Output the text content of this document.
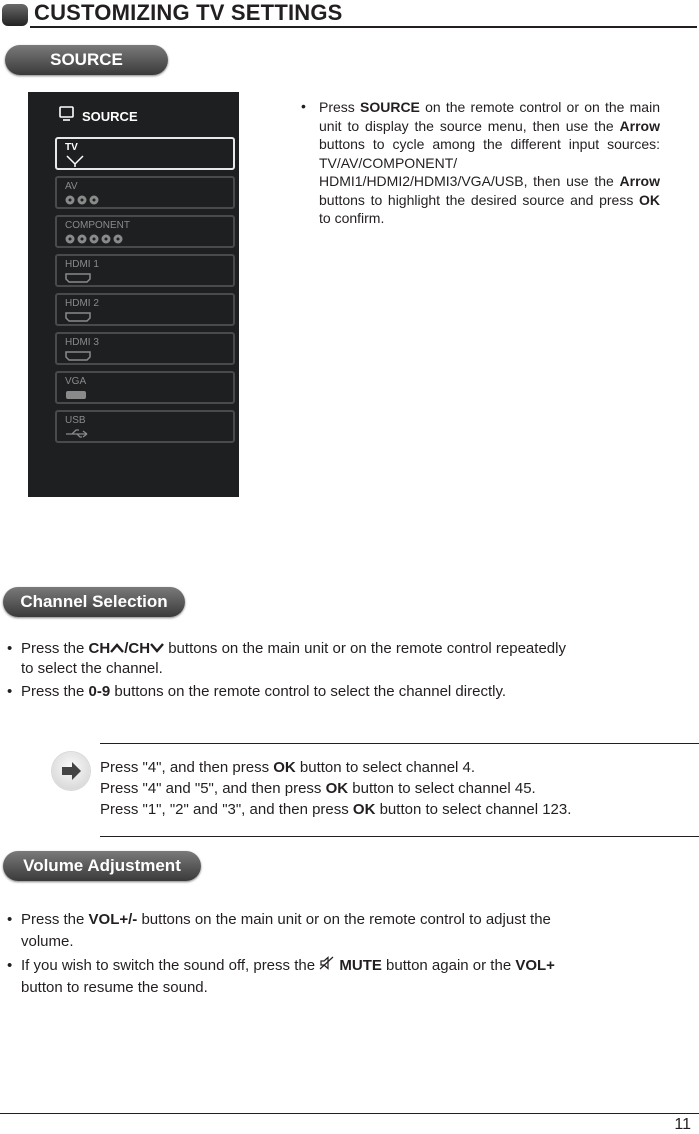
CUSTOMIZING TV SETTINGS
SOURCE
SOURCE
TV
AV
COMPONENT
HDMI 1
HDMI 2
HDMI 3
VGA
USB
• Press SOURCE on the remote control or on the main unit to display the source menu, then use the Arrow buttons to cycle among the different input sources: TV/AV/COMPONENT/ HDMI1/HDMI2/HDMI3/VGA/USB, then use the Arrow buttons to highlight the desired source and press OK to confirm.
Channel Selection
• Press the CH /CH buttons on the main unit or on the remote control repeatedly
to select the channel.
• Press the 0-9 buttons on the remote control to select the channel directly.
Press "4", and then press OK button to select channel 4.
Press "4" and "5", and then press OK button to select channel 45.
Press "1", "2" and "3", and then press OK button to select channel 123.
Volume Adjustment
• Press the VOL+/- buttons on the main unit or on the remote control to adjust the
volume.
• If you wish to switch the sound off, press the  MUTE button again or the VOL+
button to resume the sound.
11
